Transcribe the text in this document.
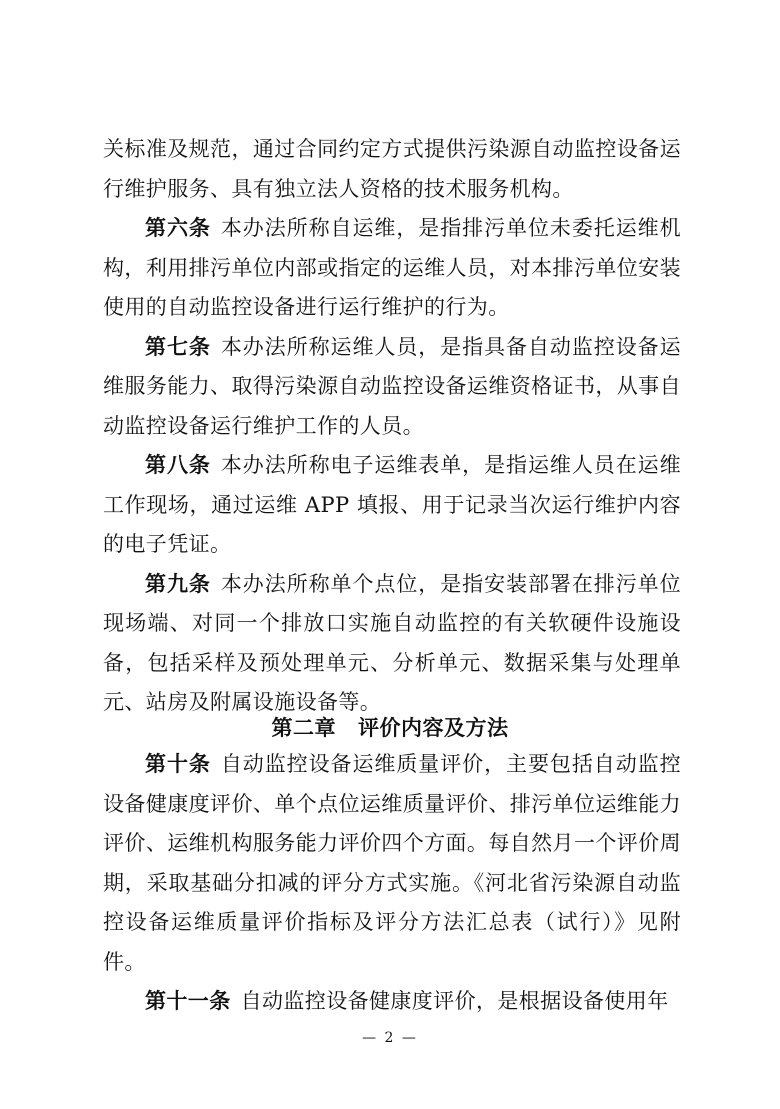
关标准及规范，通过合同约定方式提供污染源自动监控设备运行维护服务、具有独立法人资格的技术服务机构。

第六条 本办法所称自运维，是指排污单位未委托运维机构，利用排污单位内部或指定的运维人员，对本排污单位安装使用的自动监控设备进行运行维护的行为。

第七条 本办法所称运维人员，是指具备自动监控设备运维服务能力、取得污染源自动监控设备运维资格证书，从事自动监控设备运行维护工作的人员。

第八条 本办法所称电子运维表单，是指运维人员在运维工作现场，通过运维 APP 填报、用于记录当次运行维护内容的电子凭证。

第九条 本办法所称单个点位，是指安装部署在排污单位现场端、对同一个排放口实施自动监控的有关软硬件设施设备，包括采样及预处理单元、分析单元、数据采集与处理单元、站房及附属设施设备等。

第二章 评价内容及方法

第十条 自动监控设备运维质量评价，主要包括自动监控设备健康度评价、单个点位运维质量评价、排污单位运维能力评价、运维机构服务能力评价四个方面。每自然月一个评价周期，采取基础分扣减的评分方式实施。《河北省污染源自动监控设备运维质量评价指标及评分方法汇总表（试行）》见附件。

第十一条 自动监控设备健康度评价，是根据设备使用年

— 2 —
